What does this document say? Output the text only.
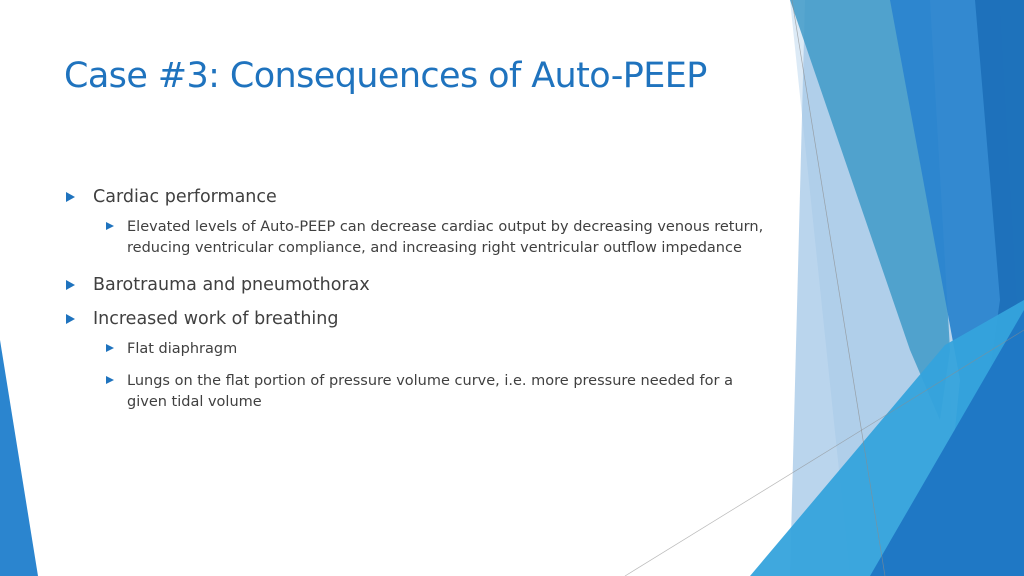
Case #3: Consequences of Auto-PEEP
Cardiac performance
Elevated levels of Auto-PEEP can decrease cardiac output by decreasing venous return, reducing ventricular compliance, and increasing right ventricular outflow impedance
Barotrauma and pneumothorax
Increased work of breathing
Flat diaphragm
Lungs on the flat portion of pressure volume curve, i.e. more pressure needed for a given tidal volume
